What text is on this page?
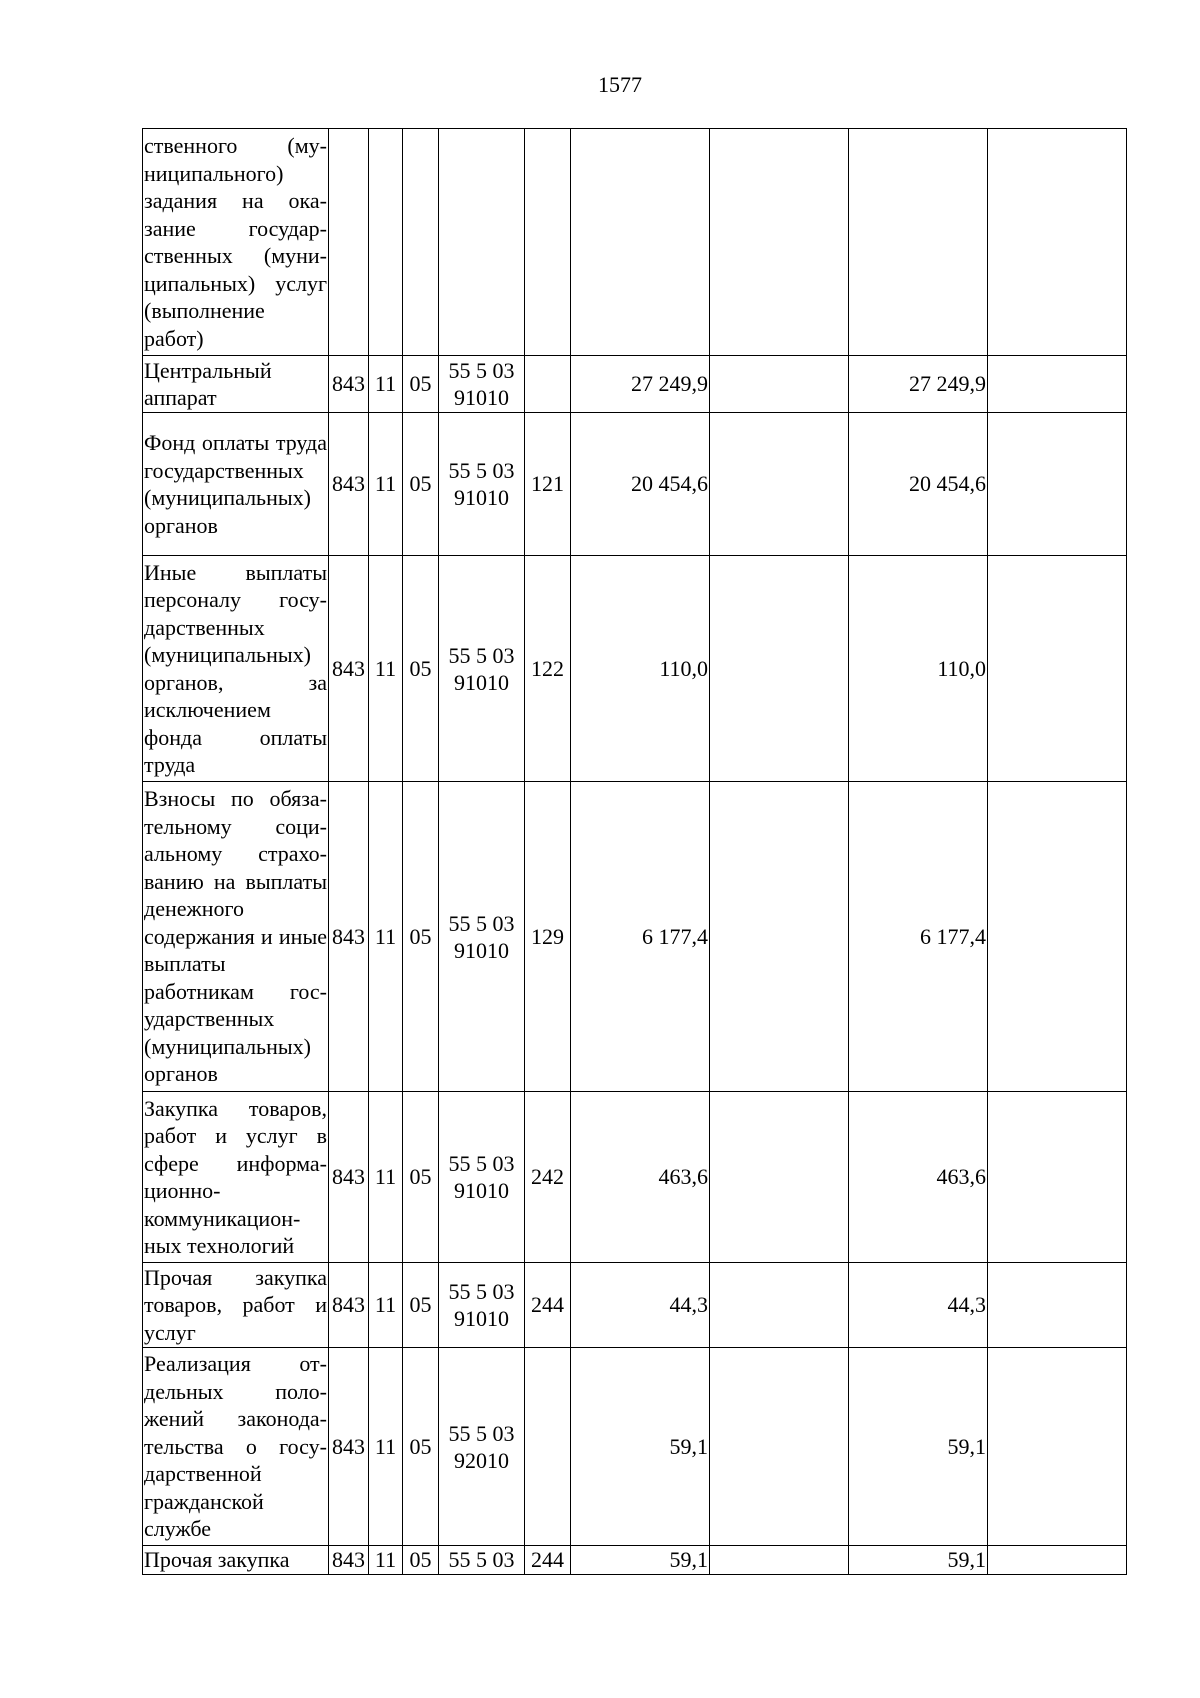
1577
ственного (муниципального) задания на оказание государственных (муниципальных) услуг (выполнение работ)									
Центральный аппарат	843	11	05	55 5 03 91010		27 249,9		27 249,9	
Фонд оплаты труда государственных (муниципальных) органов	843	11	05	55 5 03 91010	121	20 454,6		20 454,6	
Иные выплаты персоналу государственных (муниципальных) органов, за исключением фонда оплаты труда	843	11	05	55 5 03 91010	122	110,0		110,0	
Взносы по обязательному социальному страхованию на выплаты денежного содержания и иные выплаты работникам государственных (муниципальных) органов	843	11	05	55 5 03 91010	129	6 177,4		6 177,4	
Закупка товаров, работ и услуг в сфере информационно-коммуникационных технологий	843	11	05	55 5 03 91010	242	463,6		463,6	
Прочая закупка товаров, работ и услуг	843	11	05	55 5 03 91010	244	44,3		44,3	
Реализация отдельных положений законодательства о государственной гражданской службе	843	11	05	55 5 03 92010		59,1		59,1	
Прочая закупка	843	11	05	55 5 03	244	59,1		59,1	
